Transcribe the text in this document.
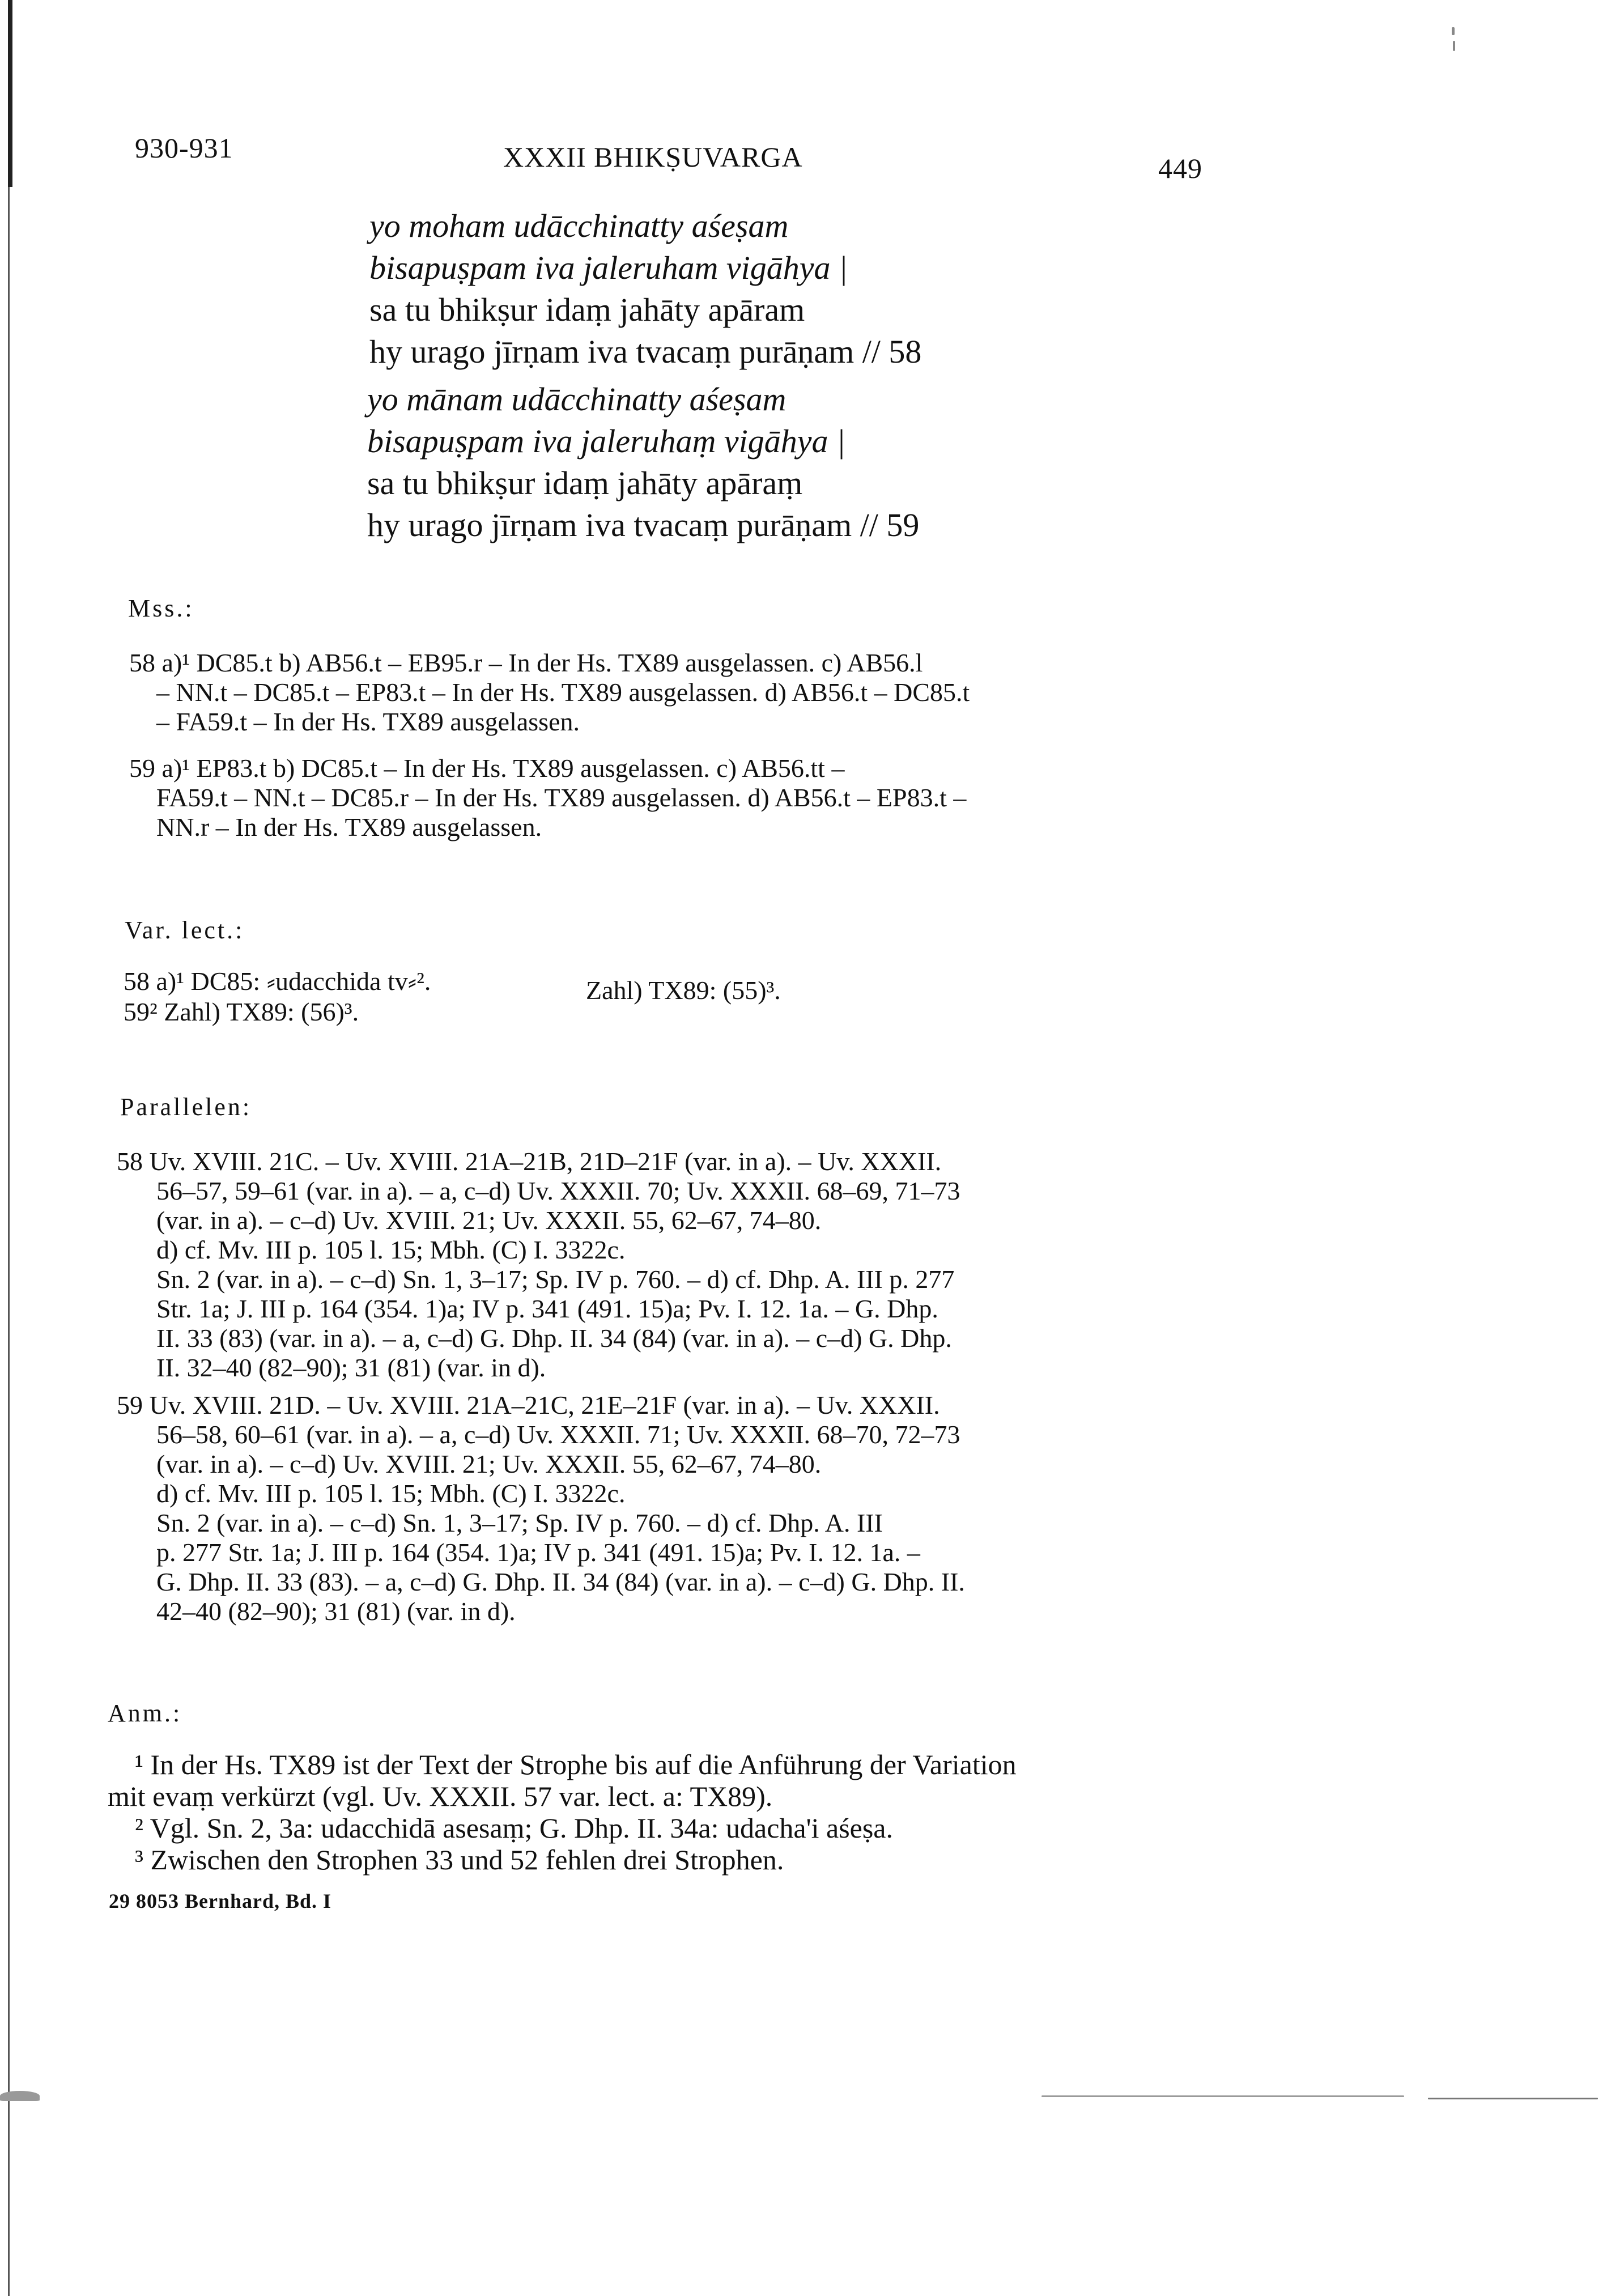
930-931	XXXII BHIKṢUVARGA	449
yo moham udācchinatty aśeṣam
bisapuṣpam iva jaleruham vigāhya |
sa tu bhikṣur idaṃ jahāty apāram
hy urago jīrṇam iva tvacaṃ purāṇam // 58
yo mānam udācchinatty aśeṣam
bisapuṣpam iva jaleruhaṃ vigāhya |
sa tu bhikṣur idaṃ jahāty apāraṃ
hy urago jīrṇam iva tvacaṃ purāṇam // 59
Mss.:
58 a)¹ DC85.t b) AB56.t – EB95.r – In der Hs. TX89 ausgelassen. c) AB56.l
– NN.t – DC85.t – EP83.t – In der Hs. TX89 ausgelassen. d) AB56.t – DC85.t
– FA59.t – In der Hs. TX89 ausgelassen.
59 a)¹ EP83.t b) DC85.t – In der Hs. TX89 ausgelassen. c) AB56.tt –
FA59.t – NN.t – DC85.r – In der Hs. TX89 ausgelassen. d) AB56.t – EP83.t –
NN.r – In der Hs. TX89 ausgelassen.
Var. lect.:
58 a)¹ DC85: ⸗udacchida tv⸗².	Zahl) TX89: (55)³.
59² Zahl) TX89: (56)³.
Parallelen:
58 Uv. XVIII. 21C. – Uv. XVIII. 21A–21B, 21D–21F (var. in a). – Uv. XXXII.
56–57, 59–61 (var. in a). – a, c–d) Uv. XXXII. 70; Uv. XXXII. 68–69, 71–73
(var. in a). – c–d) Uv. XVIII. 21; Uv. XXXII. 55, 62–67, 74–80.
d) cf. Mv. III p. 105 l. 15; Mbh. (C) I. 3322c.
Sn. 2 (var. in a). – c–d) Sn. 1, 3–17; Sp. IV p. 760. – d) cf. Dhp. A. III p. 277
Str. 1a; J. III p. 164 (354. 1)a; IV p. 341 (491. 15)a; Pv. I. 12. 1a. – G. Dhp.
II. 33 (83) (var. in a). – a, c–d) G. Dhp. II. 34 (84) (var. in a). – c–d) G. Dhp.
II. 32–40 (82–90); 31 (81) (var. in d).
59 Uv. XVIII. 21D. – Uv. XVIII. 21A–21C, 21E–21F (var. in a). – Uv. XXXII.
56–58, 60–61 (var. in a). – a, c–d) Uv. XXXII. 71; Uv. XXXII. 68–70, 72–73
(var. in a). – c–d) Uv. XVIII. 21; Uv. XXXII. 55, 62–67, 74–80.
d) cf. Mv. III p. 105 l. 15; Mbh. (C) I. 3322c.
Sn. 2 (var. in a). – c–d) Sn. 1, 3–17; Sp. IV p. 760. – d) cf. Dhp. A. III
p. 277 Str. 1a; J. III p. 164 (354. 1)a; IV p. 341 (491. 15)a; Pv. I. 12. 1a. –
G. Dhp. II. 33 (83). – a, c–d) G. Dhp. II. 34 (84) (var. in a). – c–d) G. Dhp. II.
42–40 (82–90); 31 (81) (var. in d).
Anm.:
¹ In der Hs. TX89 ist der Text der Strophe bis auf die Anführung der Variation
mit evaṃ verkürzt (vgl. Uv. XXXII. 57 var. lect. a: TX89).
² Vgl. Sn. 2, 3a: udacchidā asesaṃ; G. Dhp. II. 34a: udacha'i aśeṣa.
³ Zwischen den Strophen 33 und 52 fehlen drei Strophen.
29 8053 Bernhard, Bd. I
